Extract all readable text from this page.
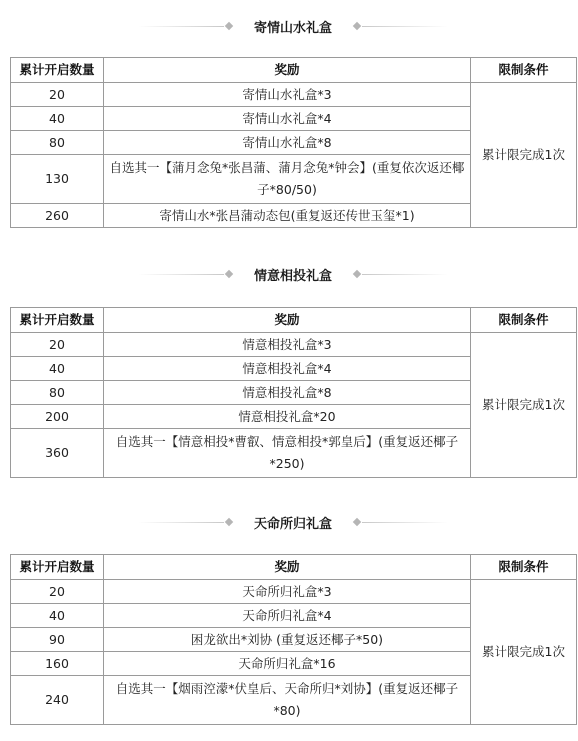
寄情山水礼盒
累计开启数量	奖励	限制条件
20	寄情山水礼盒*3	累计限完成1次
40	寄情山水礼盒*4	
80	寄情山水礼盒*8	
130	自选其一【蒲月念兔*张昌蒲、蒲月念兔*钟会】(重复依次返还椰子*80/50)	
260	寄情山水*张昌蒲动态包(重复返还传世玉玺*1)	
情意相投礼盒
累计开启数量	奖励	限制条件
20	情意相投礼盒*3	累计限完成1次
40	情意相投礼盒*4	
80	情意相投礼盒*8	
200	情意相投礼盒*20	
360	自选其一【情意相投*曹叡、情意相投*郭皇后】(重复返还椰子*250)	
天命所归礼盒
累计开启数量	奖励	限制条件
20	天命所归礼盒*3	累计限完成1次
40	天命所归礼盒*4	
90	困龙欲出*刘协 (重复返还椰子*50)	
160	天命所归礼盒*16	
240	自选其一【烟雨涳濛*伏皇后、天命所归*刘协】(重复返还椰子*80)	
